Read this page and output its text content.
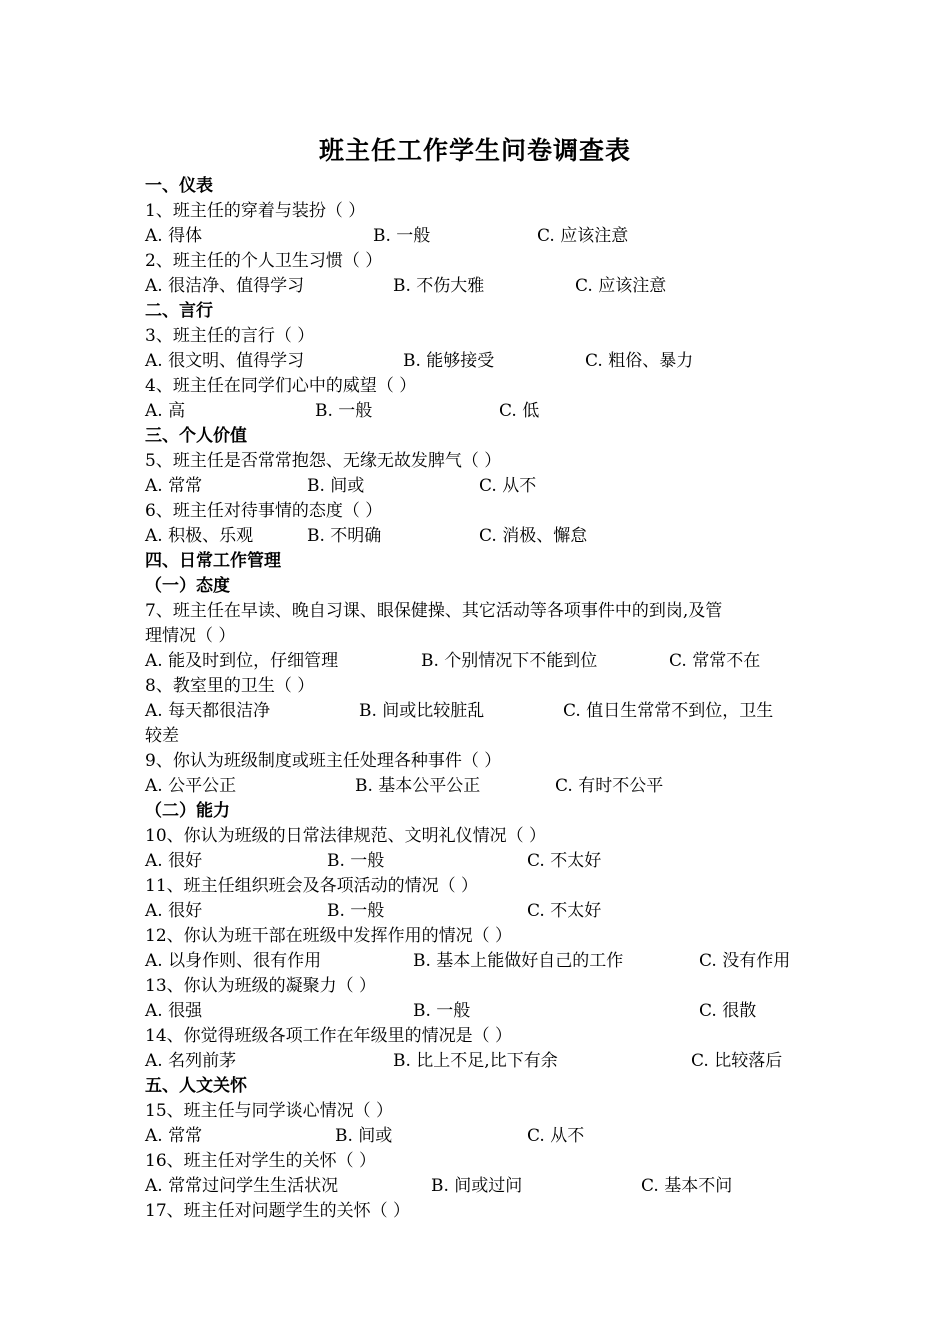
班主任工作学生问卷调查表
一、仪表
1、班主任的穿着与装扮（ ）
A. 得体	B. 一般	C. 应该注意
2、班主任的个人卫生习惯（ ）
A. 很洁净、值得学习	B. 不伤大雅	C. 应该注意
二、言行
3、班主任的言行（ ）
A. 很文明、值得学习	B. 能够接受	C. 粗俗、暴力
4、班主任在同学们心中的威望（ ）
A. 高	B. 一般	C. 低
三、个人价值
5、班主任是否常常抱怨、无缘无故发脾气（ ）
A. 常常	B. 间或	C. 从不
6、班主任对待事情的态度（ ）
A. 积极、乐观	B. 不明确	C. 消极、懈怠
四、日常工作管理
（一）态度
7、班主任在早读、晚自习课、眼保健操、其它活动等各项事件中的到岗,及管
理情况（ ）
A. 能及时到位，仔细管理	B. 个别情况下不能到位	C. 常常不在
8、教室里的卫生（ ）
A. 每天都很洁净	B. 间或比较脏乱	C. 值日生常常不到位，卫生
较差
9、你认为班级制度或班主任处理各种事件（ ）
A. 公平公正	B. 基本公平公正	C. 有时不公平
（二）能力
10、你认为班级的日常法律规范、文明礼仪情况（ ）
A. 很好	B. 一般	C. 不太好
11、班主任组织班会及各项活动的情况（ ）
A. 很好	B. 一般	C. 不太好
12、你认为班干部在班级中发挥作用的情况（ ）
A. 以身作则、很有作用	B. 基本上能做好自己的工作	C. 没有作用
13、你认为班级的凝聚力（ ）
A. 很强	B. 一般	C. 很散
14、你觉得班级各项工作在年级里的情况是（ ）
A. 名列前茅	B. 比上不足,比下有余	C. 比较落后
五、人文关怀
15、班主任与同学谈心情况（ ）
A. 常常	B. 间或	C. 从不
16、班主任对学生的关怀（ ）
A. 常常过问学生生活状况	B. 间或过问	C. 基本不问
17、班主任对问题学生的关怀（ ）
